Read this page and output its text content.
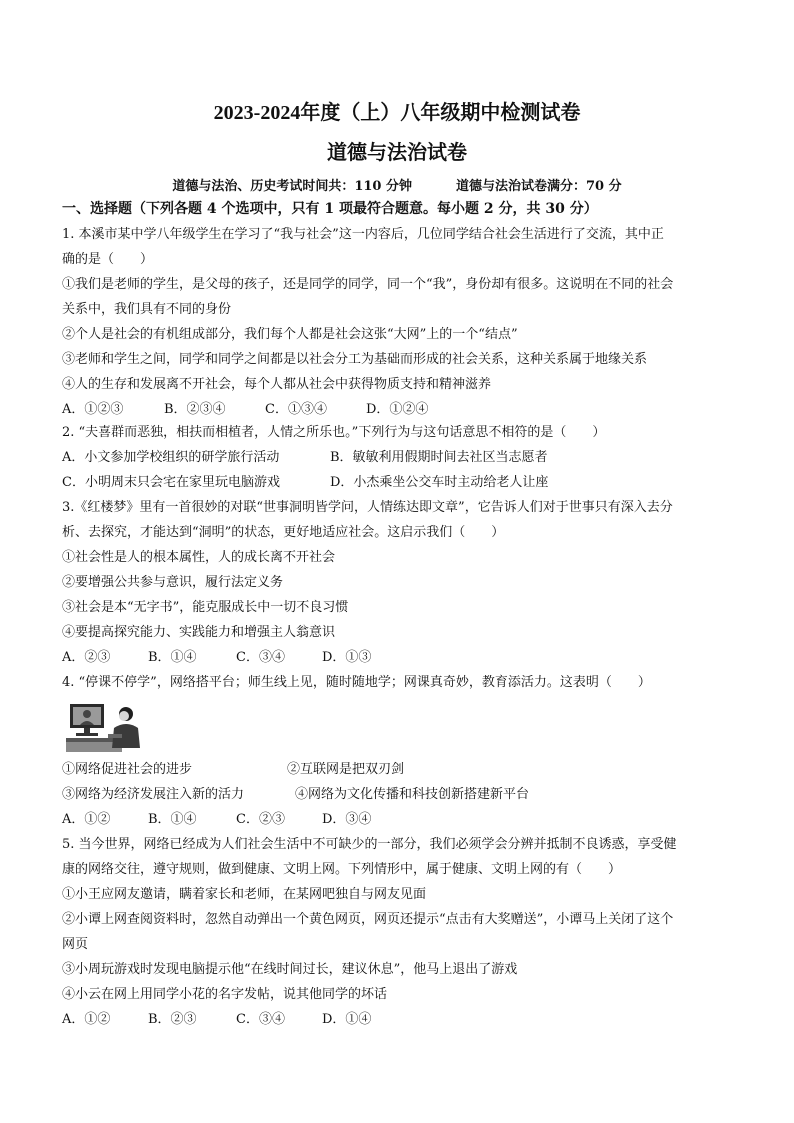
2023-2024年度（上）八年级期中检测试卷
道德与法治试卷
道德与法治、历史考试时间共：110 分钟	道德与法治试卷满分：70 分
一、选择题（下列各题 4 个选项中，只有 1 项最符合题意。每小题 2 分，共 30 分）
1. 本溪市某中学八年级学生在学习了“我与社会”这一内容后，几位同学结合社会生活进行了交流，其中正
确的是（　　）
①我们是老师的学生，是父母的孩子，还是同学的同学，同一个“我”，身份却有很多。这说明在不同的社会
关系中，我们具有不同的身份
②个人是社会的有机组成部分，我们每个人都是社会这张“大网”上的一个“结点”
③老师和学生之间，同学和同学之间都是以社会分工为基础而形成的社会关系，这种关系属于地缘关系
④人的生存和发展离不开社会，每个人都从社会中获得物质支持和精神滋养
A．①②③	B．②③④	C．①③④	D．①②④
2. “夫喜群而恶独，相扶而相植者，人情之所乐也。”下列行为与这句话意思不相符的是（　　）
A．小文参加学校组织的研学旅行活动	B．敏敏利用假期时间去社区当志愿者
C．小明周末只会宅在家里玩电脑游戏	D．小杰乘坐公交车时主动给老人让座
3.《红楼梦》里有一首很妙的对联“世事洞明皆学问，人情练达即文章”，它告诉人们对于世事只有深入去分
析、去探究，才能达到“洞明”的状态，更好地适应社会。这启示我们（　　）
①社会性是人的根本属性，人的成长离不开社会
②要增强公共参与意识，履行法定义务
③社会是本“无字书”，能克服成长中一切不良习惯
④要提高探究能力、实践能力和增强主人翁意识
A．②③	B．①④	C．③④	D．①③
4. “停课不停学”，网络搭平台；师生线上见，随时随地学；网课真奇妙，教育添活力。这表明（　　）
①网络促进社会的进步	②互联网是把双刃剑
③网络为经济发展注入新的活力	④网络为文化传播和科技创新搭建新平台
A．①②	B．①④	C．②③	D．③④
5. 当今世界，网络已经成为人们社会生活中不可缺少的一部分，我们必须学会分辨并抵制不良诱惑，享受健
康的网络交往，遵守规则，做到健康、文明上网。下列情形中，属于健康、文明上网的有（　　）
①小王应网友邀请，瞒着家长和老师，在某网吧独自与网友见面
②小谭上网查阅资料时，忽然自动弹出一个黄色网页，网页还提示“点击有大奖赠送”，小谭马上关闭了这个
网页
③小周玩游戏时发现电脑提示他“在线时间过长，建议休息”，他马上退出了游戏
④小云在网上用同学小花的名字发帖，说其他同学的坏话
A．①②	B．②③	C．③④	D．①④
